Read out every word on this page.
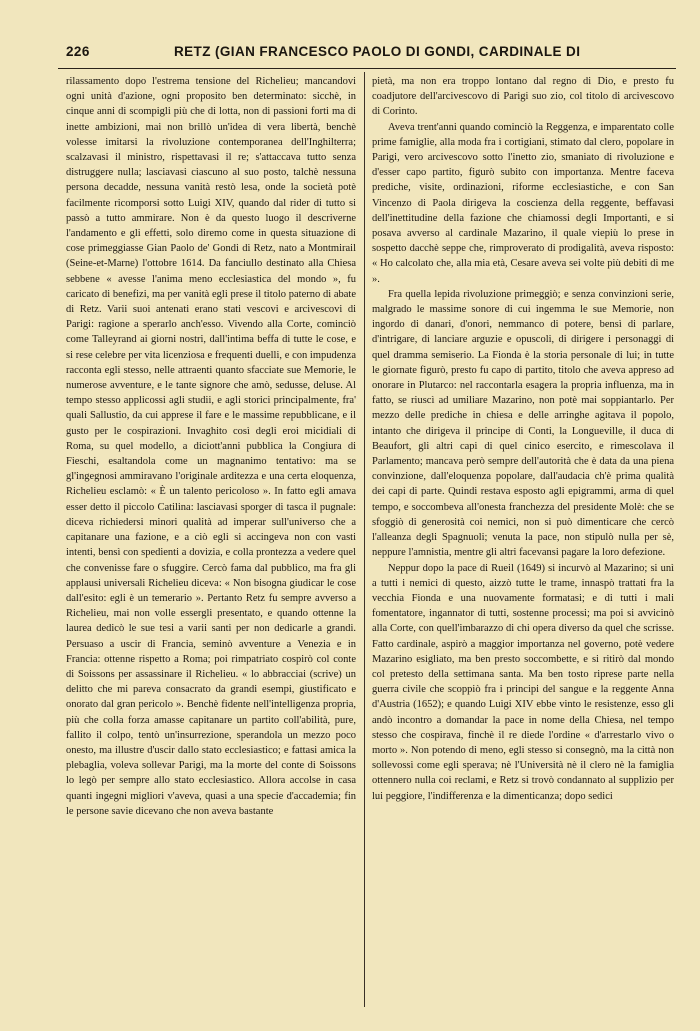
226	RETZ (GIAN FRANCESCO PAOLO DI GONDI, CARDINALE DI

rilassamento dopo l'estrema tensione del Richelieu; mancandovi ogni unità d'azione, ogni proposito ben determinato: sicchè, in cinque anni di scompigli più che di lotta, non di passioni forti ma di inette ambizioni, mai non brillò un'idea di vera libertà, benchè volesse imitarsi la rivoluzione contemporanea dell'Inghilterra; scalzavasi il ministro, rispettavasi il re; s'attaccava tutto senza distruggere nulla; lasciavasi ciascuno al suo posto, talchè nessuna persona decadde, nessuna vanità restò lesa, onde la società potè facilmente ricomporsi sotto Luigi XIV, quando dal rider di tutto si passò a tutto ammirare. Non è da questo luogo il descriverne l'andamento e gli effetti, solo diremo come in questa situazione di cose primeggiasse Gian Paolo de' Gondi di Retz, nato a Montmirail (Seine-et-Marne) l'ottobre 1614. Da fanciullo destinato alla Chiesa sebbene « avesse l'anima meno ecclesiastica del mondo », fu caricato di benefizi, ma per vanità egli prese il titolo paterno di abate di Retz. Varii suoi antenati erano stati vescovi e arcivescovi di Parigi: ragione a sperarlo anch'esso. Vivendo alla Corte, cominciò come Talleyrand ai giorni nostri, dall'intima beffa di tutte le cose, e si rese celebre per vita licenziosa e frequenti duelli, e con impudenza racconta egli stesso, nelle attraenti quanto sfacciate sue Memorie, le numerose avventure, e le tante signore che amò, sedusse, deluse. Al tempo stesso applicossi agli studii, e agli storici principalmente, fra' quali Sallustio, da cui apprese il fare e le massime repubblicane, e il gusto per le cospirazioni. Invaghito così degli eroi micidiali di Roma, su quel modello, a diciott'anni pubblica la Congiura di Fieschi, esaltandola come un magnanimo tentativo: ma se gl'ingegnosi ammiravano l'originale arditezza e una certa eloquenza, Richelieu esclamò: « È un talento pericoloso ». In fatto egli amava esser detto il piccolo Catilina: lasciavasi sporger di tasca il pugnale: diceva richiedersi minori qualità ad imperar sull'universo che a capitanare una fazione, e a ciò egli si accingeva non con vasti intenti, bensì con spedienti a dovizia, e colla prontezza a vedere quel che convenisse fare o sfuggire. Cercò fama dal pubblico, ma fra gli applausi universali Richelieu diceva: « Non bisogna giudicar le cose dall'esito: egli è un temerario ». Pertanto Retz fu sempre avverso a Richelieu, mai non volle essergli presentato, e quando ottenne la laurea dedicò le sue tesi a varii santi per non dedicarle a grandi. Persuaso a uscir di Francia, seminò avventure a Venezia e in Francia: ottenne rispetto a Roma; poi rimpatriato cospirò col conte di Soissons per assassinare il Richelieu. « lo abbracciai (scrive) un delitto che mi pareva consacrato da grandi esempi, giustificato e onorato dal gran pericolo ». Benchè fidente nell'intelligenza propria, più che colla forza amasse capitanare un partito coll'abilità, pure, fallito il colpo, tentò un'insurrezione, sperandola un mezzo poco onesto, ma illustre d'uscir dallo stato ecclesiastico; e fattasi amica la plebaglia, voleva sollevar Parigi, ma la morte del conte di Soissons lo legò per sempre allo stato ecclesiastico. Allora accolse in casa quanti ingegni migliori v'aveva, quasi a una specie d'accademia; fin le persone savie dicevano che non aveva bastante

pietà, ma non era troppo lontano dal regno di Dio, e presto fu coadjutore dell'arcivescovo di Parigi suo zio, col titolo di arcivescovo di Corinto.

Aveva trent'anni quando cominciò la Reggenza, e imparentato colle prime famiglie, alla moda fra i cortigiani, stimato dal clero, popolare in Parigi, vero arcivescovo sotto l'inetto zio, smaniato di rivoluzione e d'esser capo partito, figurò subito con importanza. Mentre faceva prediche, visite, ordinazioni, riforme ecclesiastiche, e con San Vincenzo di Paola dirigeva la coscienza della reggente, beffavasi dell'inettitudine della fazione che chiamossi degli Importanti, e si posava avverso al cardinale Mazarino, il quale viepiù lo prese in sospetto dacchè seppe che, rimproverato di prodigalità, aveva risposto: « Ho calcolato che, alla mia età, Cesare aveva sei volte più debiti di me ».

Fra quella lepida rivoluzione primeggiò; e senza convinzioni serie, malgrado le massime sonore di cui ingemma le sue Memorie, non ingordo di danari, d'onori, nemmanco di potere, bensì di parlare, d'intrigare, di lanciare arguzie e opuscoli, di dirigere i personaggi di quel dramma semiserio. La Fionda è la storia personale di lui; in tutte le giornate figurò, presto fu capo di partito, titolo che aveva appreso ad onorare in Plutarco: nel raccontarla esagera la propria influenza, ma in fatto, se riuscì ad umiliare Mazarino, non potè mai soppiantarlo. Per mezzo delle prediche in chiesa e delle arringhe agitava il popolo, intanto che dirigeva il principe di Conti, la Longueville, il duca di Beaufort, gli altri capi di quel cinico esercito, e rimescolava il Parlamento; mancava però sempre dell'autorità che è data da una piena convinzione, dall'eloquenza popolare, dall'audacia ch'è prima qualità dei capi di parte. Quindi restava esposto agli epigrammi, arma di quel tempo, e soccombeva all'onesta franchezza del presidente Molè: che se sfoggiò di generosità coi nemici, non si può dimenticare che cercò l'alleanza degli Spagnuoli; venuta la pace, non stipulò nulla per sè, neppure l'amnistia, mentre gli altri facevansi pagare la loro defezione.

Neppur dopo la pace di Rueil (1649) si incurvò al Mazarino; si unì a tutti i nemici di questo, aizzò tutte le trame, innaspò trattati fra la vecchia Fionda e una nuovamente formatasi; e di tutti i mali fomentatore, ingannator di tutti, sostenne processi; ma poi si avvicinò alla Corte, con quell'imbarazzo di chi opera diverso da quel che scrisse. Fatto cardinale, aspirò a maggior importanza nel governo, potè vedere Mazarino esigliato, ma ben presto soccombette, e si ritirò dal mondo col pretesto della settimana santa. Ma ben tosto riprese parte nella guerra civile che scoppiò fra i principi del sangue e la reggente Anna d'Austria (1652); e quando Luigi XIV ebbe vinto le resistenze, esso gli andò incontro a domandar la pace in nome della Chiesa, nel tempo stesso che cospirava, finchè il re diede l'ordine « d'arrestarlo vivo o morto ». Non potendo di meno, egli stesso si consegnò, ma la città non sollevossi come egli sperava; nè l'Università nè il clero nè la famiglia ottennero nulla coi reclami, e Retz si trovò condannato al supplizio per lui peggiore, l'indifferenza e la dimenticanza; dopo sedici
